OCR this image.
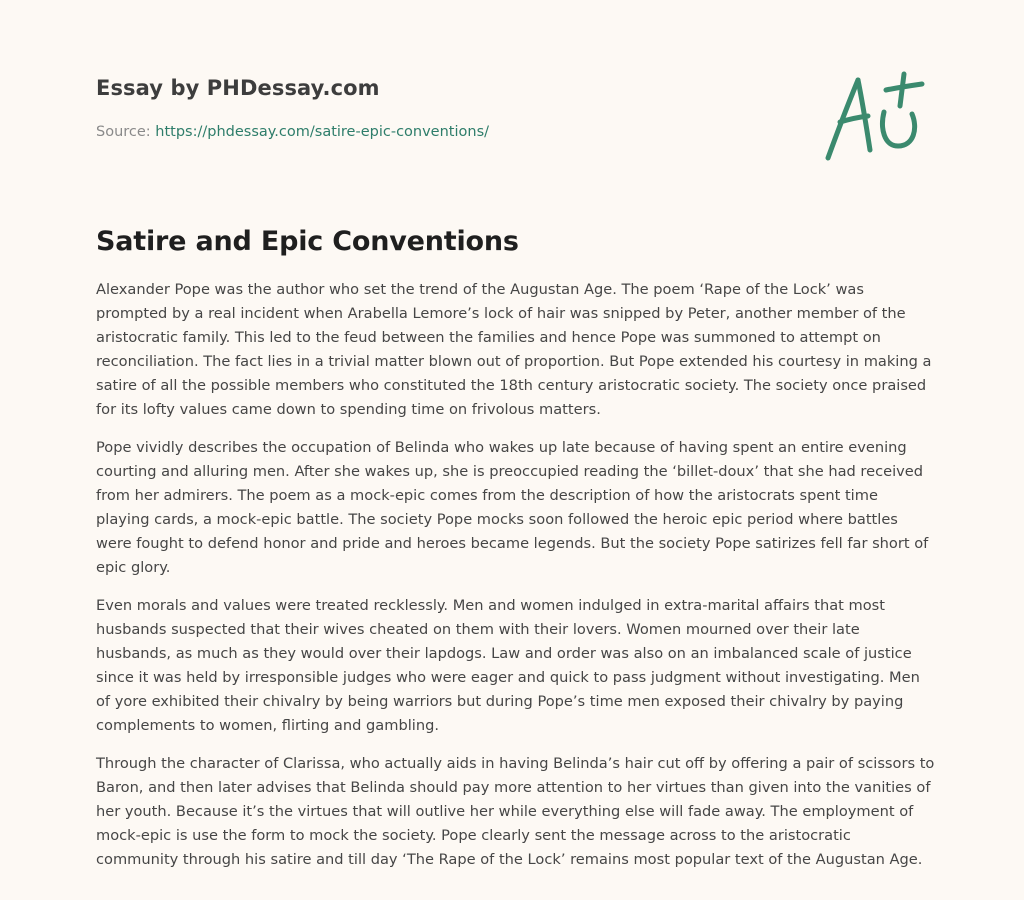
Essay by PHDessay.com
Source: https://phdessay.com/satire-epic-conventions/
Satire and Epic Conventions

Alexander Pope was the author who set the trend of the Augustan Age. The poem ‘Rape of the Lock’ was prompted by a real incident when Arabella Lemore’s lock of hair was snipped by Peter, another member of the aristocratic family. This led to the feud between the families and hence Pope was summoned to attempt on reconciliation. The fact lies in a trivial matter blown out of proportion. But Pope extended his courtesy in making a satire of all the possible members who constituted the 18th century aristocratic society. The society once praised for its lofty values came down to spending time on frivolous matters.

Pope vividly describes the occupation of Belinda who wakes up late because of having spent an entire evening courting and alluring men. After she wakes up, she is preoccupied reading the ‘billet-doux’ that she had received from her admirers. The poem as a mock-epic comes from the description of how the aristocrats spent time playing cards, a mock-epic battle. The society Pope mocks soon followed the heroic epic period where battles were fought to defend honor and pride and heroes became legends. But the society Pope satirizes fell far short of epic glory.

Even morals and values were treated recklessly. Men and women indulged in extra-marital affairs that most husbands suspected that their wives cheated on them with their lovers. Women mourned over their late husbands, as much as they would over their lapdogs. Law and order was also on an imbalanced scale of justice since it was held by irresponsible judges who were eager and quick to pass judgment without investigating. Men of yore exhibited their chivalry by being warriors but during Pope’s time men exposed their chivalry by paying complements to women, flirting and gambling.

Through the character of Clarissa, who actually aids in having Belinda’s hair cut off by offering a pair of scissors to Baron, and then later advises that Belinda should pay more attention to her virtues than given into the vanities of her youth. Because it’s the virtues that will outlive her while everything else will fade away. The employment of mock-epic is use the form to mock the society. Pope clearly sent the message across to the aristocratic community through his satire and till day ‘The Rape of the Lock’ remains most popular text of the Augustan Age.
